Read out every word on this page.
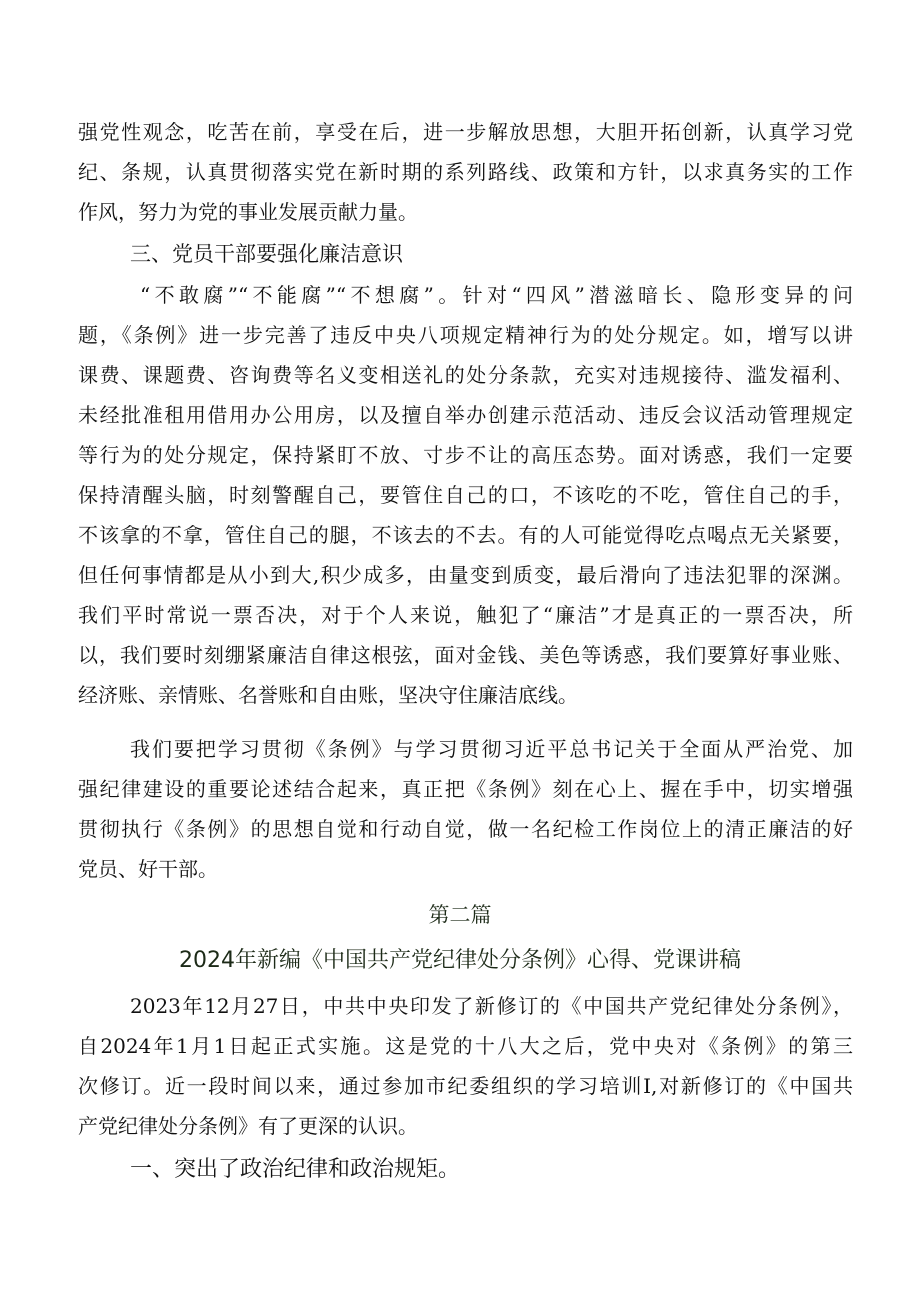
强党性观念，吃苦在前，享受在后，进一步解放思想，大胆开拓创新，认真学习党
纪、条规，认真贯彻落实党在新时期的系列路线、政策和方针，以求真务实的工作
作风，努力为党的事业发展贡献力量。
三、党员干部要强化廉洁意识
“不敢腐”“不能腐”“不想腐”。针对“四风”潜滋暗长、隐形变异的问
题，《条例》进一步完善了违反中央八项规定精神行为的处分规定。如，增写以讲
课费、课题费、咨询费等名义变相送礼的处分条款，充实对违规接待、滥发福利、
未经批准租用借用办公用房，以及擅自举办创建示范活动、违反会议活动管理规定
等行为的处分规定，保持紧盯不放、寸步不让的高压态势。面对诱惑，我们一定要
保持清醒头脑，时刻警醒自己，要管住自己的口，不该吃的不吃，管住自己的手，
不该拿的不拿，管住自己的腿，不该去的不去。有的人可能觉得吃点喝点无关紧要，
但任何事情都是从小到大,积少成多，由量变到质变，最后滑向了违法犯罪的深渊。
我们平时常说一票否决，对于个人来说，触犯了“廉洁”才是真正的一票否决，所
以，我们要时刻绷紧廉洁自律这根弦，面对金钱、美色等诱惑，我们要算好事业账、
经济账、亲情账、名誉账和自由账，坚决守住廉洁底线。
我们要把学习贯彻《条例》与学习贯彻习近平总书记关于全面从严治党、加
强纪律建设的重要论述结合起来，真正把《条例》刻在心上、握在手中，切实增强
贯彻执行《条例》的思想自觉和行动自觉，做一名纪检工作岗位上的清正廉洁的好
党员、好干部。
第二篇
2024年新编《中国共产党纪律处分条例》心得、党课讲稿
2023年12月27日，中共中央印发了新修订的《中国共产党纪律处分条例》，
自2024年1月1日起正式实施。这是党的十八大之后，党中央对《条例》的第三
次修订。近一段时间以来，通过参加市纪委组织的学习培训I,对新修订的《中国共
产党纪律处分条例》有了更深的认识。
一、突出了政治纪律和政治规矩。
